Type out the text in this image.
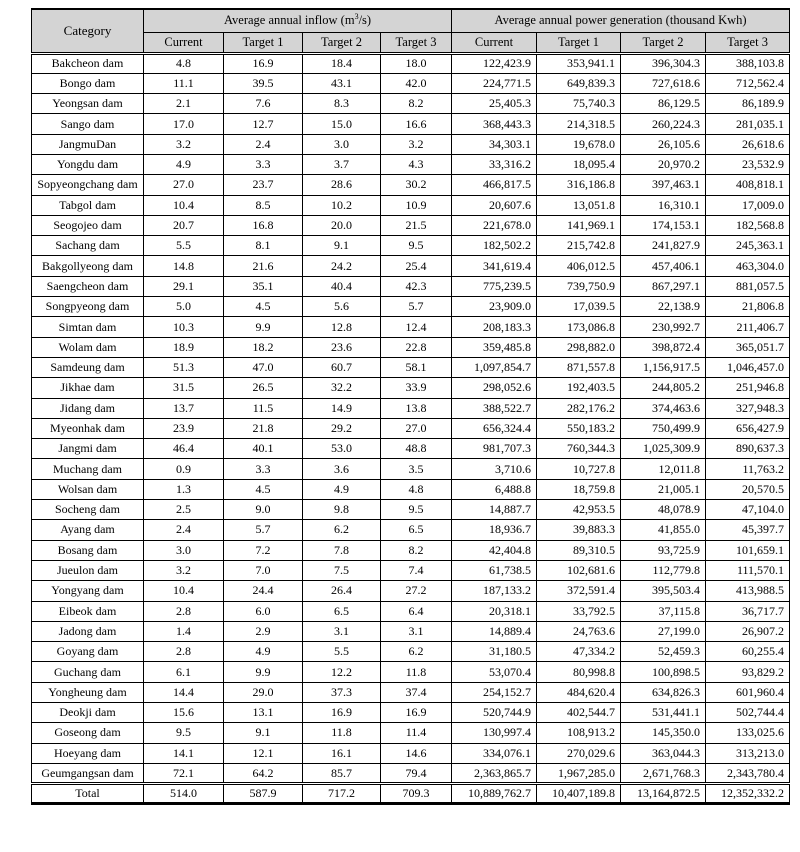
Category	Average annual inflow $(m^3/s)$				Average annual power generation (thousand Kwh)			
	Current	Target 1	Target 2	Target 3	Current	Target 1	Target 2	Target 3
Bakcheon dam	4.8	16.9	18.4	18.0	122,423.9	353,941.1	396,304.3	388,103.8
Bongo dam	11.1	39.5	43.1	42.0	224,771.5	649,839.3	727,618.6	712,562.4
Yeongsan dam	2.1	7.6	8.3	8.2	25,405.3	75,740.3	86,129.5	86,189.9
Sango dam	17.0	12.7	15.0	16.6	368,443.3	214,318.5	260,224.3	281,035.1
JangmuDan	3.2	2.4	3.0	3.2	34,303.1	19,678.0	26,105.6	26,618.6
Yongdu dam	4.9	3.3	3.7	4.3	33,316.2	18,095.4	20,970.2	23,532.9
Sopyeongchang dam	27.0	23.7	28.6	30.2	466,817.5	316,186.8	397,463.1	408,818.1
Tabgol dam	10.4	8.5	10.2	10.9	20,607.6	13,051.8	16,310.1	17,009.0
Seogojeo dam	20.7	16.8	20.0	21.5	221,678.0	141,969.1	174,153.1	182,568.8
Sachang dam	5.5	8.1	9.1	9.5	182,502.2	215,742.8	241,827.9	245,363.1
Bakgollyeong dam	14.8	21.6	24.2	25.4	341,619.4	406,012.5	457,406.1	463,304.0
Saengcheon dam	29.1	35.1	40.4	42.3	775,239.5	739,750.9	867,297.1	881,057.5
Songpyeong dam	5.0	4.5	5.6	5.7	23,909.0	17,039.5	22,138.9	21,806.8
Simtan dam	10.3	9.9	12.8	12.4	208,183.3	173,086.8	230,992.7	211,406.7
Wolam dam	18.9	18.2	23.6	22.8	359,485.8	298,882.0	398,872.4	365,051.7
Samdeung dam	51.3	47.0	60.7	58.1	1,097,854.7	871,557.8	1,156,917.5	1,046,457.0
Jikhae dam	31.5	26.5	32.2	33.9	298,052.6	192,403.5	244,805.2	251,946.8
Jidang dam	13.7	11.5	14.9	13.8	388,522.7	282,176.2	374,463.6	327,948.3
Myeonhak dam	23.9	21.8	29.2	27.0	656,324.4	550,183.2	750,499.9	656,427.9
Jangmi dam	46.4	40.1	53.0	48.8	981,707.3	760,344.3	1,025,309.9	890,637.3
Muchang dam	0.9	3.3	3.6	3.5	3,710.6	10,727.8	12,011.8	11,763.2
Wolsan dam	1.3	4.5	4.9	4.8	6,488.8	18,759.8	21,005.1	20,570.5
Socheng dam	2.5	9.0	9.8	9.5	14,887.7	42,953.5	48,078.9	47,104.0
Ayang dam	2.4	5.7	6.2	6.5	18,936.7	39,883.3	41,855.0	45,397.7
Bosang dam	3.0	7.2	7.8	8.2	42,404.8	89,310.5	93,725.9	101,659.1
Jueulon dam	3.2	7.0	7.5	7.4	61,738.5	102,681.6	112,779.8	111,570.1
Yongyang dam	10.4	24.4	26.4	27.2	187,133.2	372,591.4	395,503.4	413,988.5
Eibeok dam	2.8	6.0	6.5	6.4	20,318.1	33,792.5	37,115.8	36,717.7
Jadong dam	1.4	2.9	3.1	3.1	14,889.4	24,763.6	27,199.0	26,907.2
Goyang dam	2.8	4.9	5.5	6.2	31,180.5	47,334.2	52,459.3	60,255.4
Guchang dam	6.1	9.9	12.2	11.8	53,070.4	80,998.8	100,898.5	93,829.2
Yongheung dam	14.4	29.0	37.3	37.4	254,152.7	484,620.4	634,826.3	601,960.4
Deokji dam	15.6	13.1	16.9	16.9	520,744.9	402,544.7	531,441.1	502,744.4
Goseong dam	9.5	9.1	11.8	11.4	130,997.4	108,913.2	145,350.0	133,025.6
Hoeyang dam	14.1	12.1	16.1	14.6	334,076.1	270,029.6	363,044.3	313,213.0
Geumgangsan dam	72.1	64.2	85.7	79.4	2,363,865.7	1,967,285.0	2,671,768.3	2,343,780.4
Total	514.0	587.9	717.2	709.3	10,889,762.7	10,407,189.8	13,164,872.5	12,352,332.2
